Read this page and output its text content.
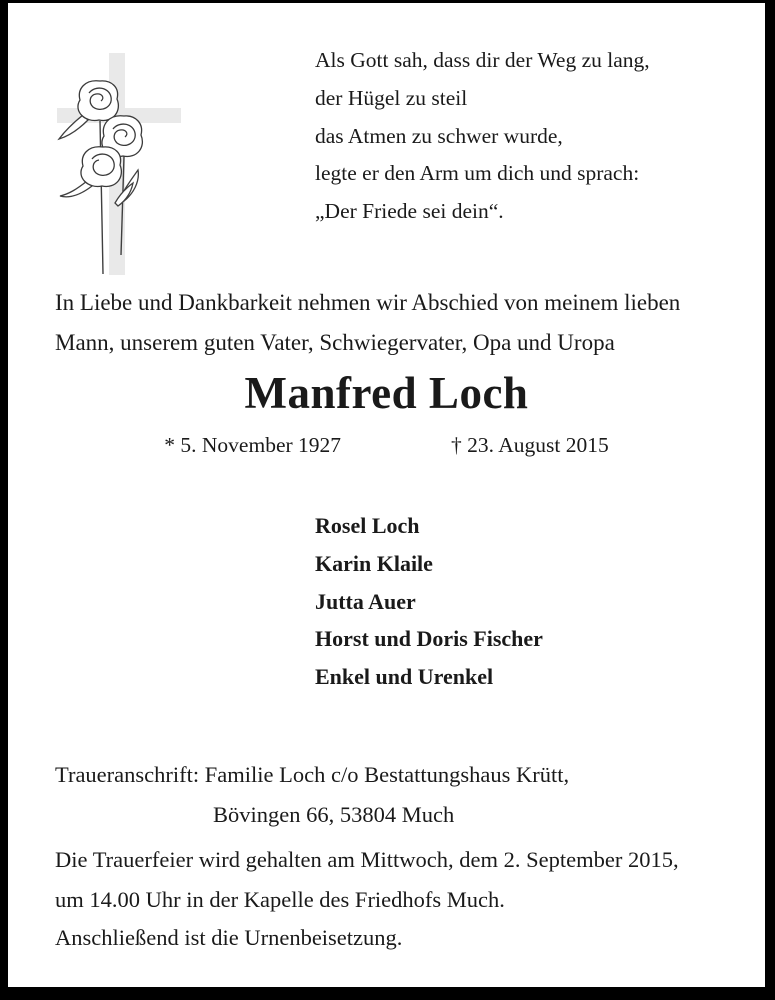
Als Gott sah, dass dir der Weg zu lang,
der Hügel zu steil
das Atmen zu schwer wurde,
legte er den Arm um dich und sprach:
„Der Friede sei dein“.
In Liebe und Dankbarkeit nehmen wir Abschied von meinem lieben
Mann, unserem guten Vater, Schwiegervater, Opa und Uropa
Manfred Loch
* 5. November 1927	† 23. August 2015
Rosel Loch
Karin Klaile
Jutta Auer
Horst und Doris Fischer
Enkel und Urenkel
Traueranschrift: Familie Loch c/o Bestattungshaus Krütt,
Bövingen 66, 53804 Much
Die Trauerfeier wird gehalten am Mittwoch, dem 2. September 2015,
um 14.00 Uhr in der Kapelle des Friedhofs Much.
Anschließend ist die Urnenbeisetzung.
